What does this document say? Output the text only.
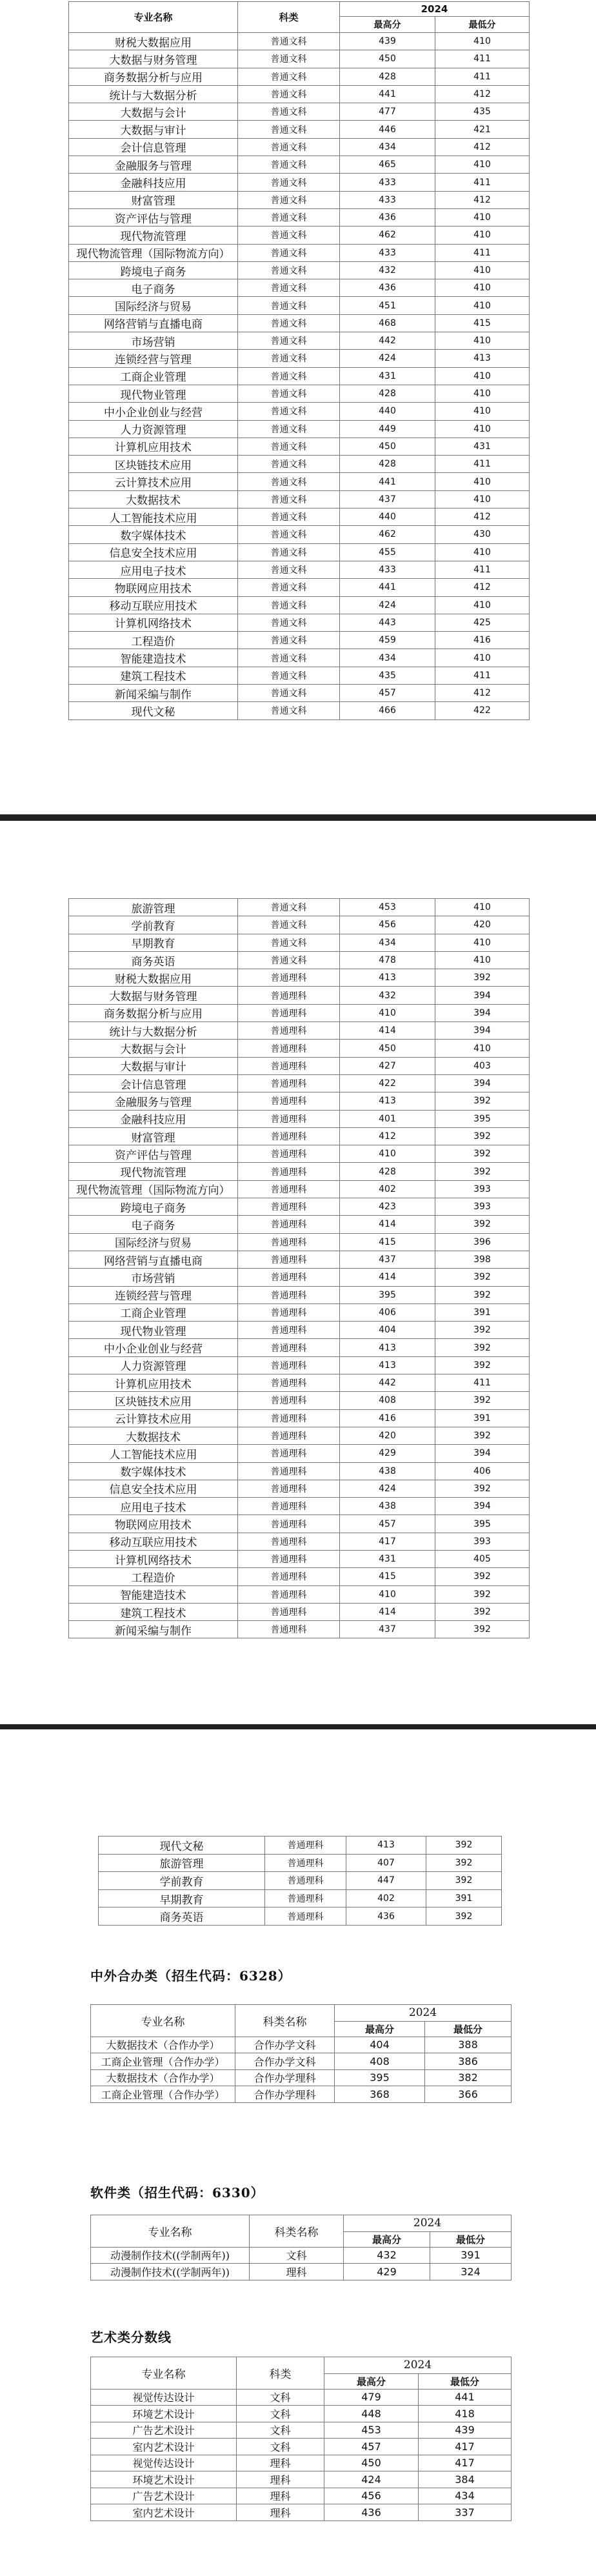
专业名称	科类	2024	
		最高分	最低分
财税大数据应用	普通文科	439	410
大数据与财务管理	普通文科	450	411
商务数据分析与应用	普通文科	428	411
统计与大数据分析	普通文科	441	412
大数据与会计	普通文科	477	435
大数据与审计	普通文科	446	421
会计信息管理	普通文科	434	412
金融服务与管理	普通文科	465	410
金融科技应用	普通文科	433	411
财富管理	普通文科	433	412
资产评估与管理	普通文科	436	410
现代物流管理	普通文科	462	410
现代物流管理（国际物流方向）	普通文科	433	411
跨境电子商务	普通文科	432	410
电子商务	普通文科	436	410
国际经济与贸易	普通文科	451	410
网络营销与直播电商	普通文科	468	415
市场营销	普通文科	442	410
连锁经营与管理	普通文科	424	413
工商企业管理	普通文科	431	410
现代物业管理	普通文科	428	410
中小企业创业与经营	普通文科	440	410
人力资源管理	普通文科	449	410
计算机应用技术	普通文科	450	431
区块链技术应用	普通文科	428	411
云计算技术应用	普通文科	441	410
大数据技术	普通文科	437	410
人工智能技术应用	普通文科	440	412
数字媒体技术	普通文科	462	430
信息安全技术应用	普通文科	455	410
应用电子技术	普通文科	433	411
物联网应用技术	普通文科	441	412
移动互联应用技术	普通文科	424	410
计算机网络技术	普通文科	443	425
工程造价	普通文科	459	416
智能建造技术	普通文科	434	410
建筑工程技术	普通文科	435	411
新闻采编与制作	普通文科	457	412
现代文秘	普通文科	466	422
旅游管理	普通文科	453	410
学前教育	普通文科	456	420
早期教育	普通文科	434	410
商务英语	普通文科	478	410
财税大数据应用	普通理科	413	392
大数据与财务管理	普通理科	432	394
商务数据分析与应用	普通理科	410	394
统计与大数据分析	普通理科	414	394
大数据与会计	普通理科	450	410
大数据与审计	普通理科	427	403
会计信息管理	普通理科	422	394
金融服务与管理	普通理科	413	392
金融科技应用	普通理科	401	395
财富管理	普通理科	412	392
资产评估与管理	普通理科	410	392
现代物流管理	普通理科	428	392
现代物流管理（国际物流方向）	普通理科	402	393
跨境电子商务	普通理科	423	393
电子商务	普通理科	414	392
国际经济与贸易	普通理科	415	396
网络营销与直播电商	普通理科	437	398
市场营销	普通理科	414	392
连锁经营与管理	普通理科	395	392
工商企业管理	普通理科	406	391
现代物业管理	普通理科	404	392
中小企业创业与经营	普通理科	413	392
人力资源管理	普通理科	413	392
计算机应用技术	普通理科	442	411
区块链技术应用	普通理科	408	392
云计算技术应用	普通理科	416	391
大数据技术	普通理科	420	392
人工智能技术应用	普通理科	429	394
数字媒体技术	普通理科	438	406
信息安全技术应用	普通理科	424	392
应用电子技术	普通理科	438	394
物联网应用技术	普通理科	457	395
移动互联应用技术	普通理科	417	393
计算机网络技术	普通理科	431	405
工程造价	普通理科	415	392
智能建造技术	普通理科	410	392
建筑工程技术	普通理科	414	392
新闻采编与制作	普通理科	437	392
现代文秘	普通理科	413	392
旅游管理	普通理科	407	392
学前教育	普通理科	447	392
早期教育	普通理科	402	391
商务英语	普通理科	436	392
中外合办类（招生代码：6328）
专业名称	科类名称	2024	
		最高分	最低分
大数据技术（合作办学）	合作办学文科	404	388
工商企业管理（合作办学）	合作办学文科	408	386
大数据技术（合作办学）	合作办学理科	395	382
工商企业管理（合作办学）	合作办学理科	368	366
软件类（招生代码：6330）
专业名称	科类名称	2024	
		最高分	最低分
动漫制作技术((学制两年))	文科	432	391
动漫制作技术((学制两年))	理科	429	324
艺术类分数线
专业名称	科类	2024	
		最高分	最低分
视觉传达设计	文科	479	441
环境艺术设计	文科	448	418
广告艺术设计	文科	453	439
室内艺术设计	文科	457	417
视觉传达设计	理科	450	417
环境艺术设计	理科	424	384
广告艺术设计	理科	456	434
室内艺术设计	理科	436	337
